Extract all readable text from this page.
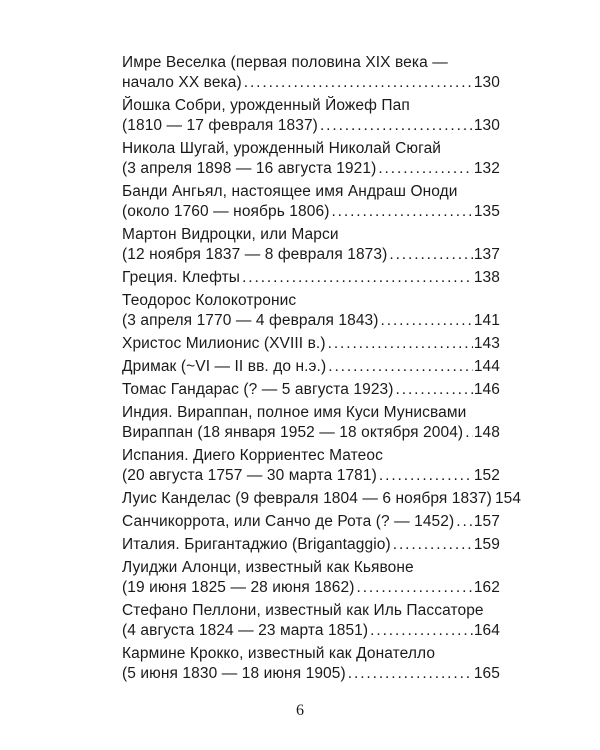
Имре Веселка (первая половина XIX века —
начало XX века) . . .	130
Йошка Собри, урожденный Йожеф Пап
(1810 — 17 февраля 1837) . . .	130
Никола Шугай, урожденный Николай Сюгай
(3 апреля 1898 — 16 августа 1921) . . .	132
Банди Ангьял, настоящее имя Андраш Оноди
(около 1760 — ноябрь 1806) . . .	135
Мартон Видроцки, или Марси
(12 ноября 1837 — 8 февраля 1873) . . .	137
Греция. Клефты . . .	138
Теодорос Колокотронис
(3 апреля 1770 — 4 февраля 1843) . . .	141
Христос Милионис (XVIII в.) . . .	143
Дримак (~VI — II вв. до н.э.) . . .	144
Томас Гандарас (? — 5 августа 1923) . . .	146
Индия. Вираппан, полное имя Куси Мунисвами
Вираппан (18 января 1952 — 18 октября 2004) . . . 148
Испания. Диего Корриентес Матеос
(20 августа 1757 — 30 марта 1781) . . .	152
Луис Канделас (9 февраля 1804 — 6 ноября 1837) 154
Санчикоррота, или Санчо де Рота (? — 1452) . . . 157
Италия. Бригантаджио (Brigantaggio) . . .	159
Луиджи Алонци, известный как Кьявоне
(19 июня 1825 — 28 июня 1862) . . .	162
Стефано Пеллони, известный как Иль Пассаторе
(4 августа 1824 — 23 марта 1851) . . .	164
Кармине Крокко, известный как Донателло
(5 июня 1830 — 18 июня 1905) . . .	165
6
